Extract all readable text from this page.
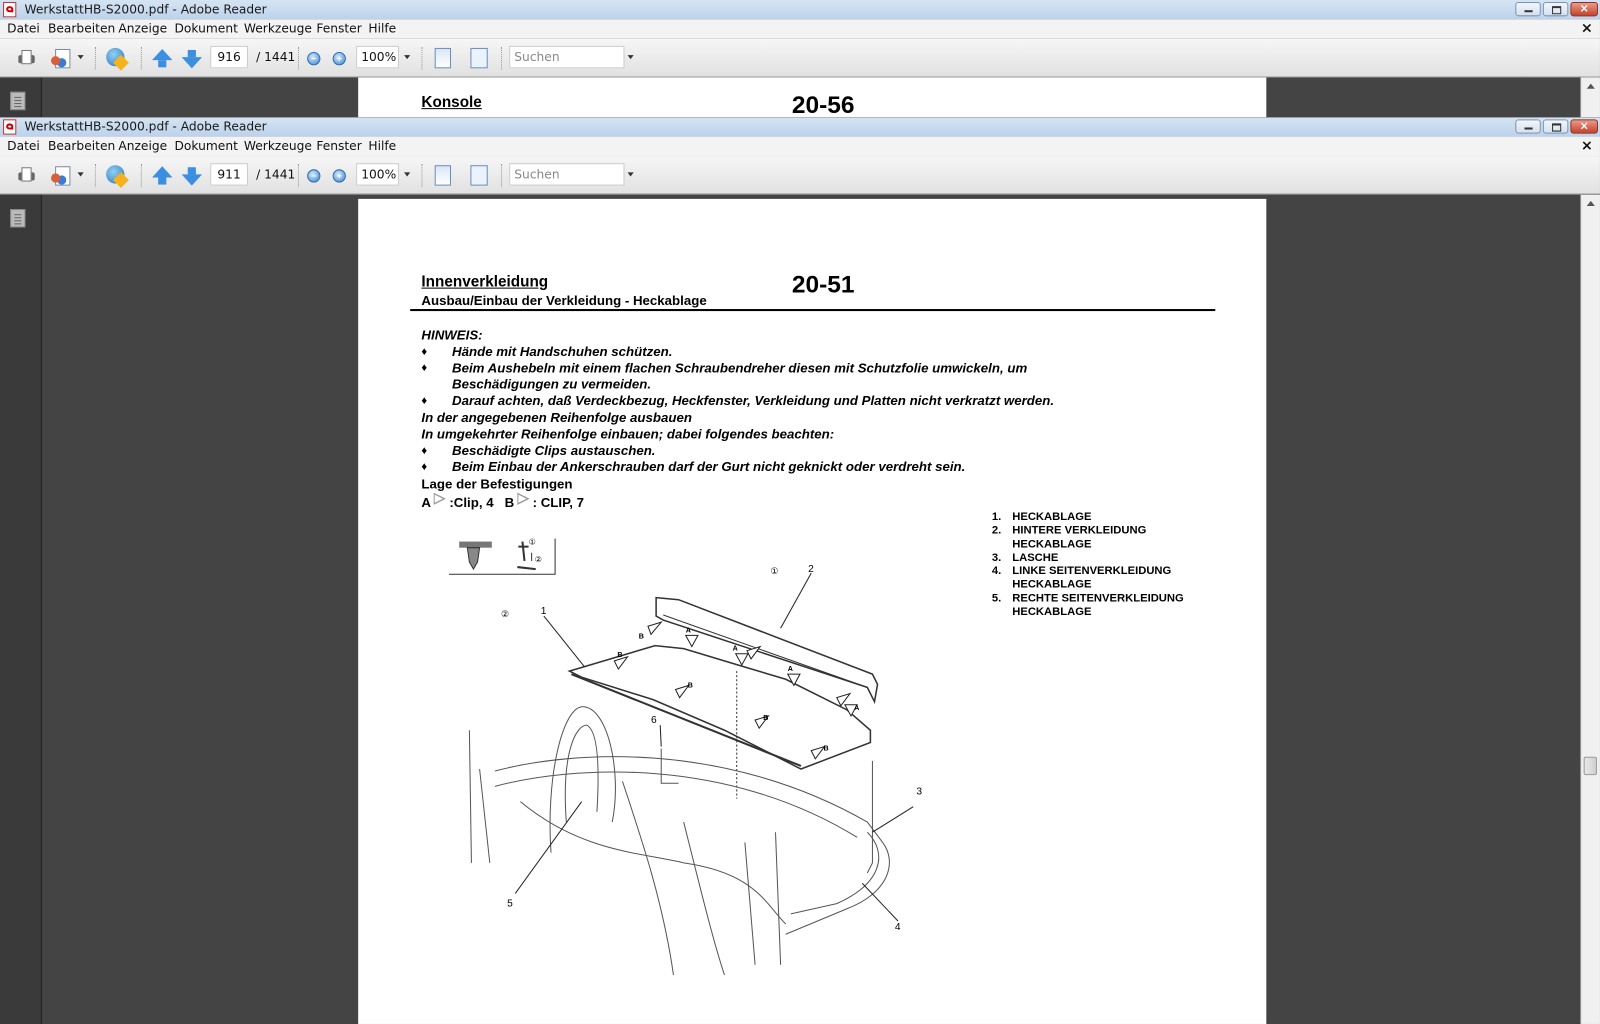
WerkstattHB-S2000.pdf - Adobe Reader	×
Datei Bearbeiten Anzeige Dokument Werkzeuge Fenster Hilfe	×
916	/ 1441	100%	Suchen
Konsole	20-56
WerkstattHB-S2000.pdf - Adobe Reader	×
Datei Bearbeiten Anzeige Dokument Werkzeuge Fenster Hilfe	×
911	/ 1441	100%	Suchen
Innenverkleidung
Ausbau/Einbau der Verkleidung - Heckablage
20-51
HINWEIS:
♦ Hände mit Handschuhen schützen.
♦ Beim Aushebeln mit einem flachen Schraubendreher diesen mit Schutzfolie umwickeln, um
Beschädigungen zu vermeiden.
♦ Darauf achten, daß Verdeckbezug, Heckfenster, Verkleidung und Platten nicht verkratzt werden.
In der angegebenen Reihenfolge ausbauen
In umgekehrter Reihenfolge einbauen; dabei folgendes beachten:
♦ Beschädigte Clips austauschen.
♦ Beim Einbau der Ankerschrauben darf der Gurt nicht geknickt oder verdreht sein.
Lage der Befestigungen
A :Clip, 4 B : CLIP, 7
1. HECKABLAGE
2. HINTERE VERKLEIDUNG
HECKABLAGE
3. LASCHE
4. LINKE SEITENVERKLEIDUNG
HECKABLAGE
5. RECHTE SEITENVERKLEIDUNG
HECKABLAGE
B
B
A
A
A
A
B
B
B
1
2
3
4
5
6
①
②
①
②
